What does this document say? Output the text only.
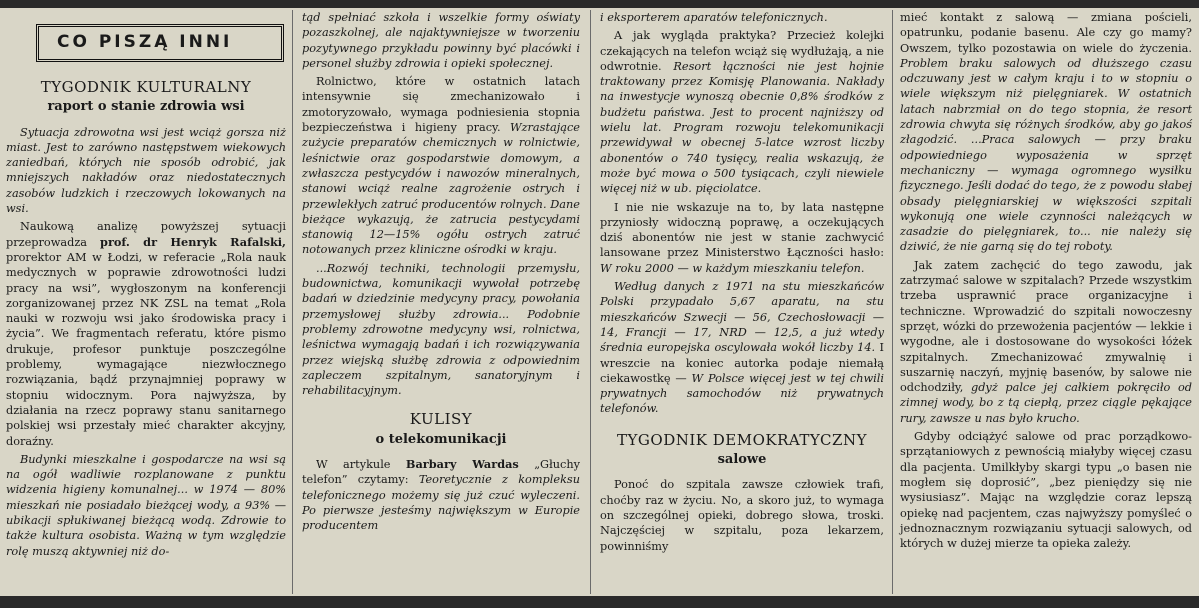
CO PISZĄ INNI
TYGODNIK KULTURALNY
raport o stanie zdrowia wsi

Sytuacja zdrowotna wsi jest wciąż gorsza niż miast. Jest to zarówno następstwem wiekowych zaniedbań, których nie sposób odrobić, jak mniejszych nakładów oraz niedostatecznych zasobów ludzkich i rzeczowych lokowanych na wsi.

Naukową analizę powyższej sytuacji przeprowadza prof. dr Henryk Rafalski, prorektor AM w Łodzi, w referacie „Rola nauk medycznych w poprawie zdrowotności ludzi pracy na wsi”, wygłoszonym na konferencji zorganizowanej przez NK ZSL na temat „Rola nauki w rozwoju wsi jako środowiska pracy i życia”. We fragmentach referatu, które pismo drukuje, profesor punktuje poszczególne problemy, wymagające niezwłocznego rozwiązania, bądź przynajmniej poprawy w stopniu widocznym. Pora najwyższa, by działania na rzecz poprawy stanu sanitarnego polskiej wsi przestały mieć charakter akcyjny, doraźny.

Budynki mieszkalne i gospodarcze na wsi są na ogół wadliwie rozplanowane z punktu widzenia higieny komunalnej... w 1974 — 80% mieszkań nie posiadało bieżącej wody, a 93% — ubikacji spłukiwanej bieżącą wodą. Zdrowie to także kultura osobista. Ważną w tym względzie rolę muszą aktywniej niż do-

tąd spełniać szkoła i wszelkie formy oświaty pozaszkolnej, ale najaktywniejsze w tworzeniu pozytywnego przykładu powinny być placówki i personel służby zdrowia i opieki społecznej.

Rolnictwo, które w ostatnich latach intensywnie się zmechanizowało i zmotoryzowało, wymaga podniesienia stopnia bezpieczeństwa i higieny pracy. Wzrastające zużycie preparatów chemicznych w rolnictwie, leśnictwie oraz gospodarstwie domowym, a zwłaszcza pestycydów i nawozów mineralnych, stanowi wciąż realne zagrożenie ostrych i przewlekłych zatruć producentów rolnych. Dane bieżące wykazują, że zatrucia pestycydami stanowią 12—15% ogółu ostrych zatruć notowanych przez kliniczne ośrodki w kraju.

...Rozwój techniki, technologii przemysłu, budownictwa, komunikacji wywołał potrzebę badań w dziedzinie medycyny pracy, powołania przemysłowej służby zdrowia... Podobnie problemy zdrowotne medycyny wsi, rolnictwa, leśnictwa wymagają badań i ich rozwiązywania przez wiejską służbę zdrowia z odpowiednim zapleczem szpitalnym, sanatoryjnym i rehabilitacyjnym.

KULISY
o telekomunikacji

W artykule Barbary Wardas „Głuchy telefon” czytamy: Teoretycznie z kompleksu telefonicznego możemy się już czuć wyleczeni. Po pierwsze jesteśmy największym w Europie producentem

i eksporterem aparatów telefonicznych.

A jak wygląda praktyka? Przecież kolejki czekających na telefon wciąż się wydłużają, a nie odwrotnie. Resort łączności nie jest hojnie traktowany przez Komisję Planowania. Nakłady na inwestycje wynoszą obecnie 0,8% środków z budżetu państwa. Jest to procent najniższy od wielu lat. Program rozwoju telekomunikacji przewidywał w obecnej 5-latce wzrost liczby abonentów o 740 tysięcy, realia wskazują, że może być mowa o 500 tysiącach, czyli niewiele więcej niż w ub. pięciolatce.

I nie nie wskazuje na to, by lata następne przyniosły widoczną poprawę, a oczekujących dziś abonentów nie jest w stanie zachwycić lansowane przez Ministerstwo Łączności hasło: W roku 2000 — w każdym mieszkaniu telefon.

Według danych z 1971 na stu mieszkańców Polski przypadało 5,67 aparatu, na stu mieszkańców Szwecji — 56, Czechosłowacji — 14, Francji — 17, NRD — 12,5, a już wtedy średnia europejska oscylowała wokół liczby 14. I wreszcie na koniec autorka podaje niemałą ciekawostkę — W Polsce więcej jest w tej chwili prywatnych samochodów niż prywatnych telefonów.

TYGODNIK DEMOKRATYCZNY
salowe

Ponoć do szpitala zawsze człowiek trafi, choćby raz w życiu. No, a skoro już, to wymaga on szczególnej opieki, dobrego słowa, troski. Najczęściej w szpitalu, poza lekarzem, powinniśmy

mieć kontakt z salową — zmiana pościeli, opatrunku, podanie basenu. Ale czy go mamy? Owszem, tylko pozostawia on wiele do życzenia. Problem braku salowych od dłuższego czasu odczuwany jest w całym kraju i to w stopniu o wiele większym niż pielęgniarek. W ostatnich latach nabrzmiał on do tego stopnia, że resort zdrowia chwyta się różnych środków, aby go jakoś złagodzić. ...Praca salowych — przy braku odpowiedniego wyposażenia w sprzęt mechaniczny — wymaga ogromnego wysiłku fizycznego. Jeśli dodać do tego, że z powodu słabej obsady pielęgniarskiej w większości szpitali wykonują one wiele czynności należących w zasadzie do pielęgniarek, to... nie należy się dziwić, że nie garną się do tej roboty.

Jak zatem zachęcić do tego zawodu, jak zatrzymać salowe w szpitalach? Przede wszystkim trzeba usprawnić prace organizacyjne i techniczne. Wprowadzić do szpitali nowoczesny sprzęt, wózki do przewożenia pacjentów — lekkie i wygodne, ale i dostosowane do wysokości łóżek szpitalnych. Zmechanizować zmywalnię i suszarnię naczyń, myjnię basenów, by salowe nie odchodziły, gdyż palce jej całkiem pokręciło od zimnej wody, bo z tą ciepłą, przez ciągle pękające rury, zawsze u nas było krucho.

Gdyby odciążyć salowe od prac porządkowo-sprzątaniowych z pewnością miałyby więcej czasu dla pacjenta. Umilkłyby skargi typu „o basen nie mogłem się doprosić”, „bez pieniędzy się nie wysiusiasz”. Mając na względzie coraz lepszą opiekę nad pacjentem, czas najwyższy pomyśleć o jednoznacznym rozwiązaniu sytuacji salowych, od których w dużej mierze ta opieka zależy.
